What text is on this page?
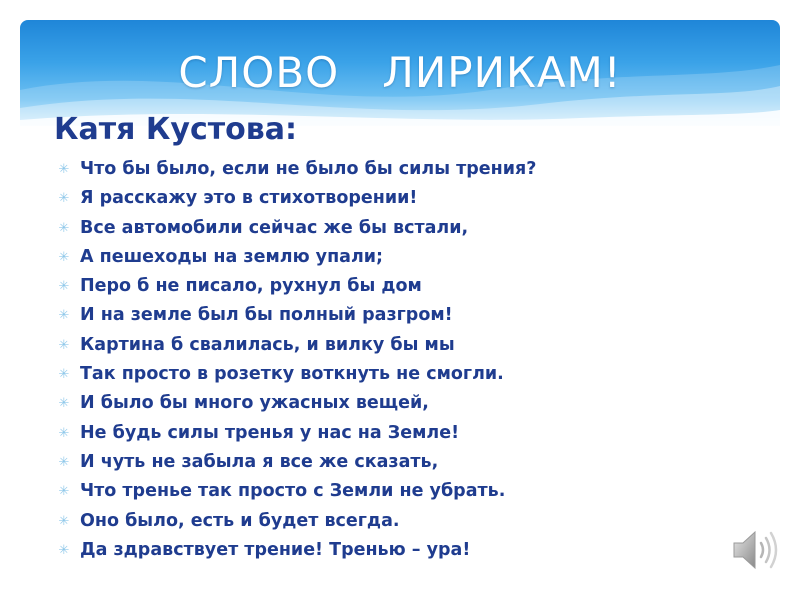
СЛОВО   ЛИРИКАМ!
Катя Кустова:
✳ Что бы было, если не было бы силы трения?
✳ Я расскажу это в стихотворении!
✳ Все автомобили сейчас же бы встали,
✳ А пешеходы на землю упали;
✳ Перо б не писало, рухнул бы дом
✳ И на земле был бы полный разгром!
✳ Картина б свалилась, и вилку бы мы
✳ Так просто в розетку воткнуть не смогли.
✳ И было бы много ужасных вещей,
✳ Не будь силы тренья у нас на Земле!
✳ И чуть не забыла я все же сказать,
✳ Что тренье так просто с Земли не убрать.
✳ Оно было, есть и будет всегда.
✳ Да здравствует трение! Тренью – ура!
